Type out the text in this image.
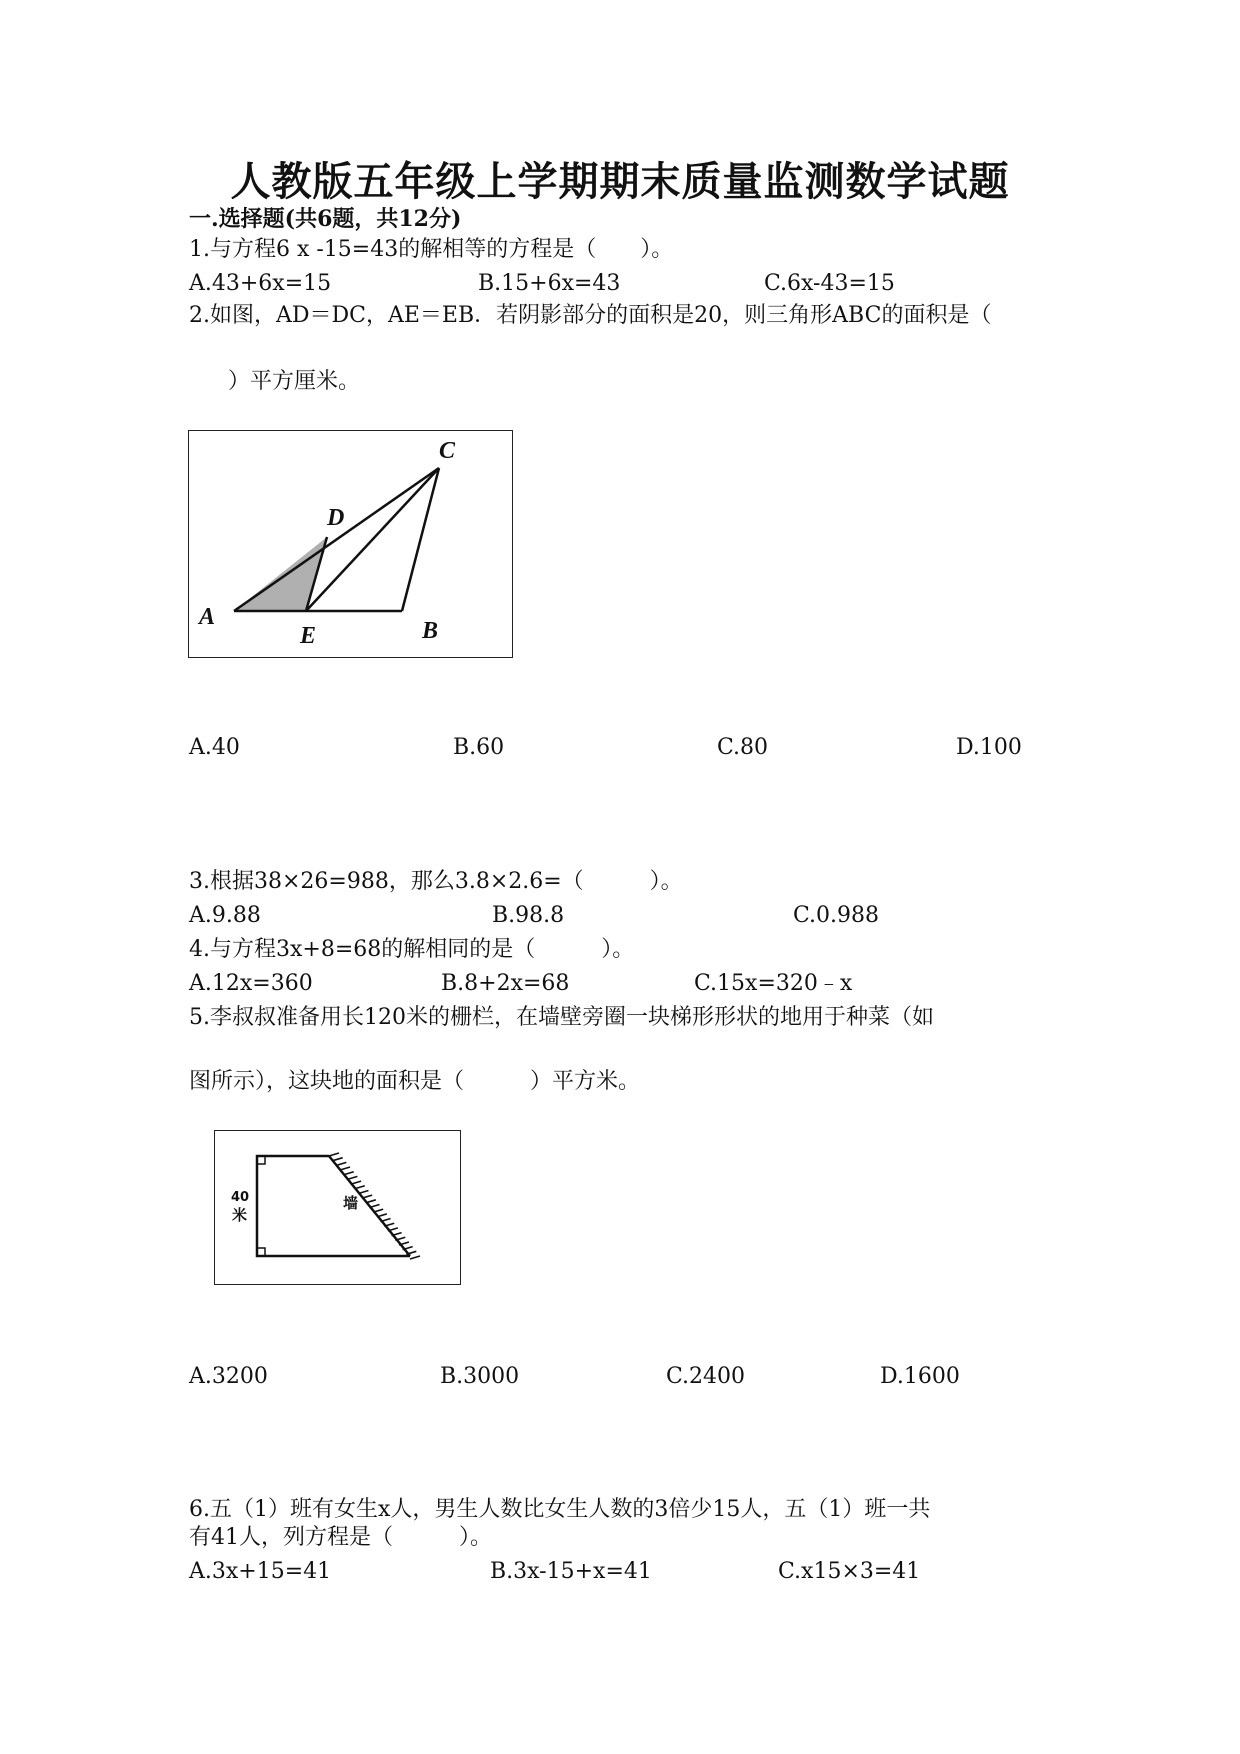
人教版五年级上学期期末质量监测数学试题
一.选择题(共6题，共12分)
1.与方程6 x -15=43的解相等的方程是（　　）。
A.43+6x=15	B.15+6x=43	C.6x-43=15
2.如图，AD＝DC，AE＝EB．若阴影部分的面积是20，则三角形ABC的面积是（
）平方厘米。
A
E	B
C
D
A.40	B.60	C.80	D.100
3.根据38×26=988，那么3.8×2.6=（　　　）。
A.9.88	B.98.8	C.0.988
4.与方程3x+8=68的解相同的是（　　　）。
A.12x=360	B.8+2x=68	C.15x=320﹣x
5.李叔叔准备用长120米的栅栏，在墙壁旁圈一块梯形形状的地用于种菜（如
图所示），这块地的面积是（　　　）平方米。
40
米
墙
A.3200	B.3000	C.2400	D.1600
6.五（1）班有女生x人，男生人数比女生人数的3倍少15人，五（1）班一共
有41人，列方程是（　　　）。
A.3x+15=41	B.3x-15+x=41	C.x15×3=41
